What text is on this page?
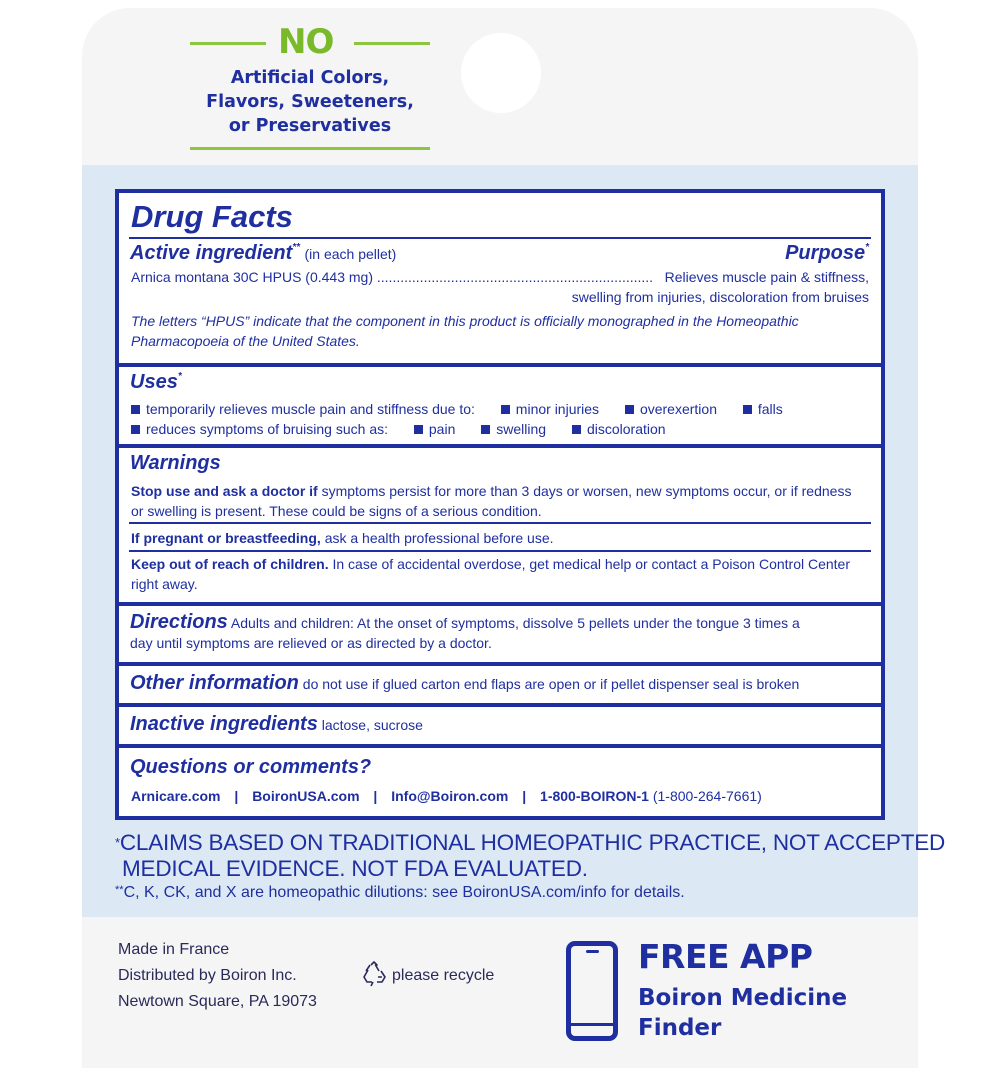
NO
Artificial Colors,
Flavors, Sweeteners,
or Preservatives
Drug Facts
Active ingredient** (in each pellet)	Purpose*
Arnica montana 30C HPUS (0.443 mg) ....................................................................... Relieves muscle pain & stiffness,
swelling from injuries, discoloration from bruises
The letters “HPUS” indicate that the component in this product is officially monographed in the Homeopathic
Pharmacopoeia of the United States.
Uses*
temporarily relieves muscle pain and stiffness due to:	minor injuries	overexertion	falls
reduces symptoms of bruising such as:	pain	swelling	discoloration
Warnings
Stop use and ask a doctor if symptoms persist for more than 3 days or worsen, new symptoms occur, or if redness
or swelling is present. These could be signs of a serious condition.
If pregnant or breastfeeding, ask a health professional before use.
Keep out of reach of children. In case of accidental overdose, get medical help or contact a Poison Control Center
right away.
Directions Adults and children: At the onset of symptoms, dissolve 5 pellets under the tongue 3 times a
day until symptoms are relieved or as directed by a doctor.
Other information do not use if glued carton end flaps are open or if pellet dispenser seal is broken
Inactive ingredients lactose, sucrose
Questions or comments?
Arnicare.com | BoironUSA.com | Info@Boiron.com | 1-800-BOIRON-1 (1-800-264-7661)
*CLAIMS BASED ON TRADITIONAL HOMEOPATHIC PRACTICE, NOT ACCEPTED
MEDICAL EVIDENCE. NOT FDA EVALUATED.
**C, K, CK, and X are homeopathic dilutions: see BoironUSA.com/info for details.
Made in France
Distributed by Boiron Inc.
Newtown Square, PA 19073
please recycle	FREE APP
Boiron Medicine
Finder
